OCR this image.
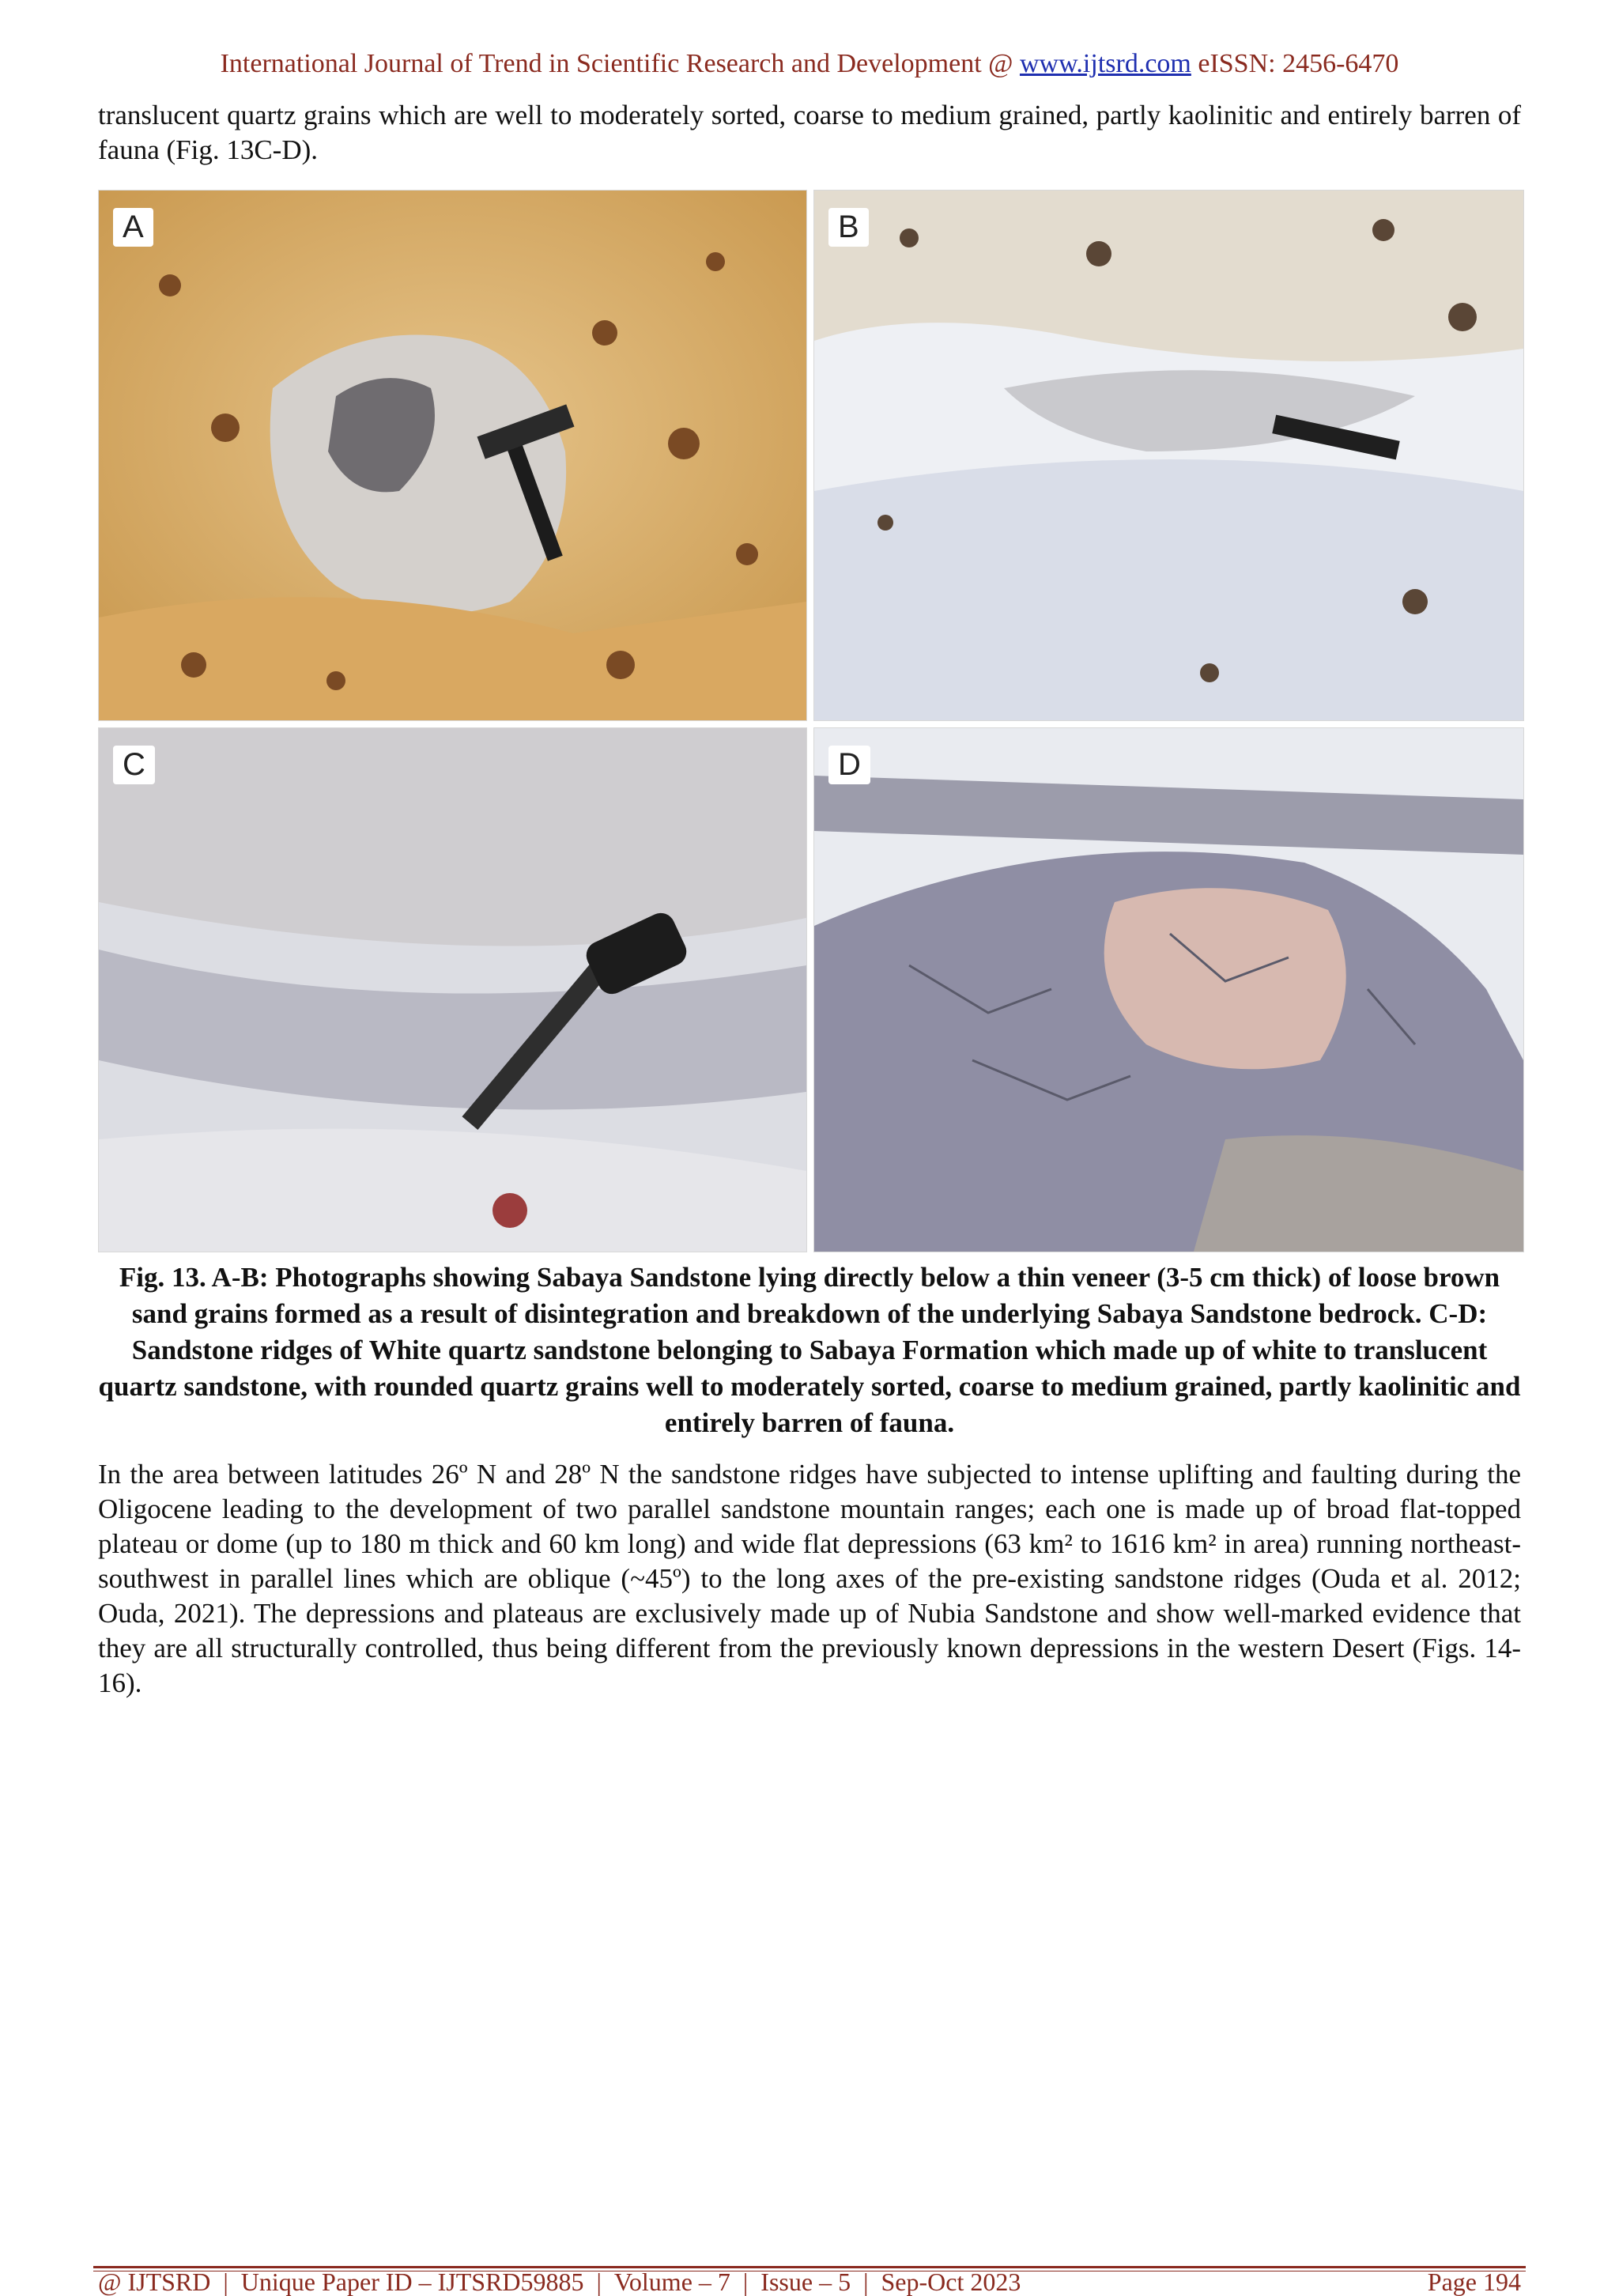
International Journal of Trend in Scientific Research and Development @ www.ijtsrd.com eISSN: 2456-6470

translucent quartz grains which are well to moderately sorted, coarse to medium grained, partly kaolinitic and entirely barren of fauna (Fig. 13C-D).

A	B
C	D

Fig. 13. A-B: Photographs showing Sabaya Sandstone lying directly below a thin veneer (3-5 cm thick) of loose brown sand grains formed as a result of disintegration and breakdown of the underlying Sabaya Sandstone bedrock. C-D: Sandstone ridges of White quartz sandstone belonging to Sabaya Formation which made up of white to translucent quartz sandstone, with rounded quartz grains well to moderately sorted, coarse to medium grained, partly kaolinitic and entirely barren of fauna.

In the area between latitudes 26º N and 28º N the sandstone ridges have subjected to intense uplifting and faulting during the Oligocene leading to the development of two parallel sandstone mountain ranges; each one is made up of broad flat-topped plateau or dome (up to 180 m thick and 60 km long) and wide flat depressions (63 km² to 1616 km² in area) running northeast-southwest in parallel lines which are oblique (~45º) to the long axes of the pre-existing sandstone ridges (Ouda et al. 2012; Ouda, 2021). The depressions and plateaus are exclusively made up of Nubia Sandstone and show well-marked evidence that they are all structurally controlled, thus being different from the previously known depressions in the western Desert (Figs. 14-16).

@ IJTSRD | Unique Paper ID – IJTSRD59885 | Volume – 7 | Issue – 5 | Sep-Oct 2023	Page 194
